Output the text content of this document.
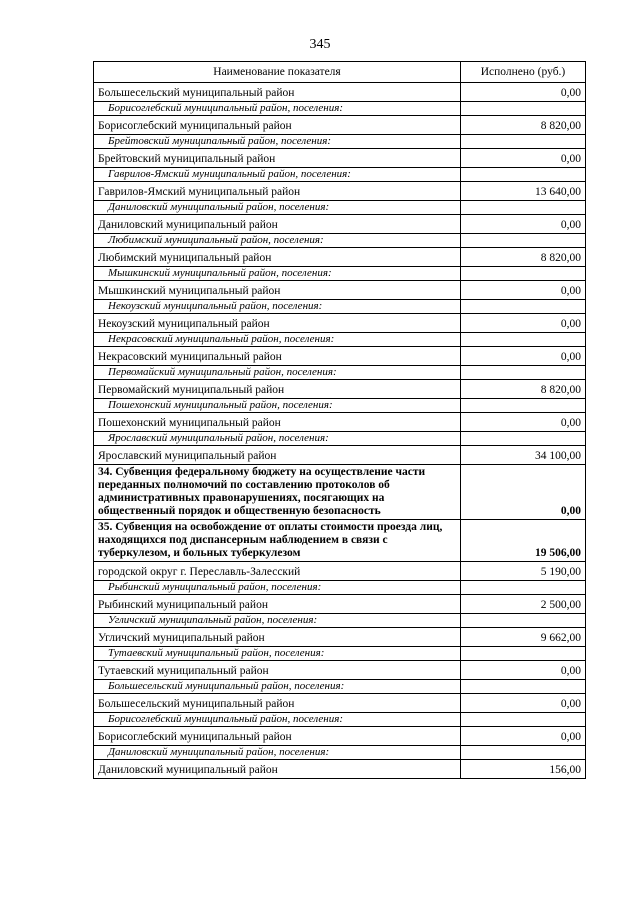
345
Наименование показателя	Исполнено (руб.)
Большесельский муниципальный район	0,00
Борисоглебский муниципальный район, поселения:	
Борисоглебский муниципальный район	8 820,00
Брейтовский муниципальный район, поселения:	
Брейтовский муниципальный район	0,00
Гаврилов-Ямский муниципальный район, поселения:	
Гаврилов-Ямский муниципальный район	13 640,00
Даниловский муниципальный район, поселения:	
Даниловский муниципальный район	0,00
Любимский муниципальный район, поселения:	
Любимский муниципальный район	8 820,00
Мышкинский муниципальный район, поселения:	
Мышкинский муниципальный район	0,00
Некоузский муниципальный район, поселения:	
Некоузский муниципальный район	0,00
Некрасовский муниципальный район, поселения:	
Некрасовский муниципальный район	0,00
Первомайский муниципальный район, поселения:	
Первомайский муниципальный район	8 820,00
Пошехонский муниципальный район, поселения:	
Пошехонский муниципальный район	0,00
Ярославский муниципальный район, поселения:	
Ярославский муниципальный район	34 100,00
34. Субвенция федеральному бюджету на осуществление части переданных полномочий по составлению протоколов об административных правонарушениях, посягающих на общественный порядок и общественную безопасность	0,00
35. Субвенция на освобождение от оплаты стоимости проезда лиц, находящихся под диспансерным наблюдением в связи с туберкулезом, и больных туберкулезом	19 506,00
городской округ г. Переславль-Залесский	5 190,00
Рыбинский муниципальный район, поселения:	
Рыбинский муниципальный район	2 500,00
Угличский муниципальный район, поселения:	
Угличский муниципальный район	9 662,00
Тутаевский муниципальный район, поселения:	
Тутаевский муниципальный район	0,00
Большесельский муниципальный район, поселения:	
Большесельский муниципальный район	0,00
Борисоглебский муниципальный район, поселения:	
Борисоглебский муниципальный район	0,00
Даниловский муниципальный район, поселения:	
Даниловский муниципальный район	156,00
